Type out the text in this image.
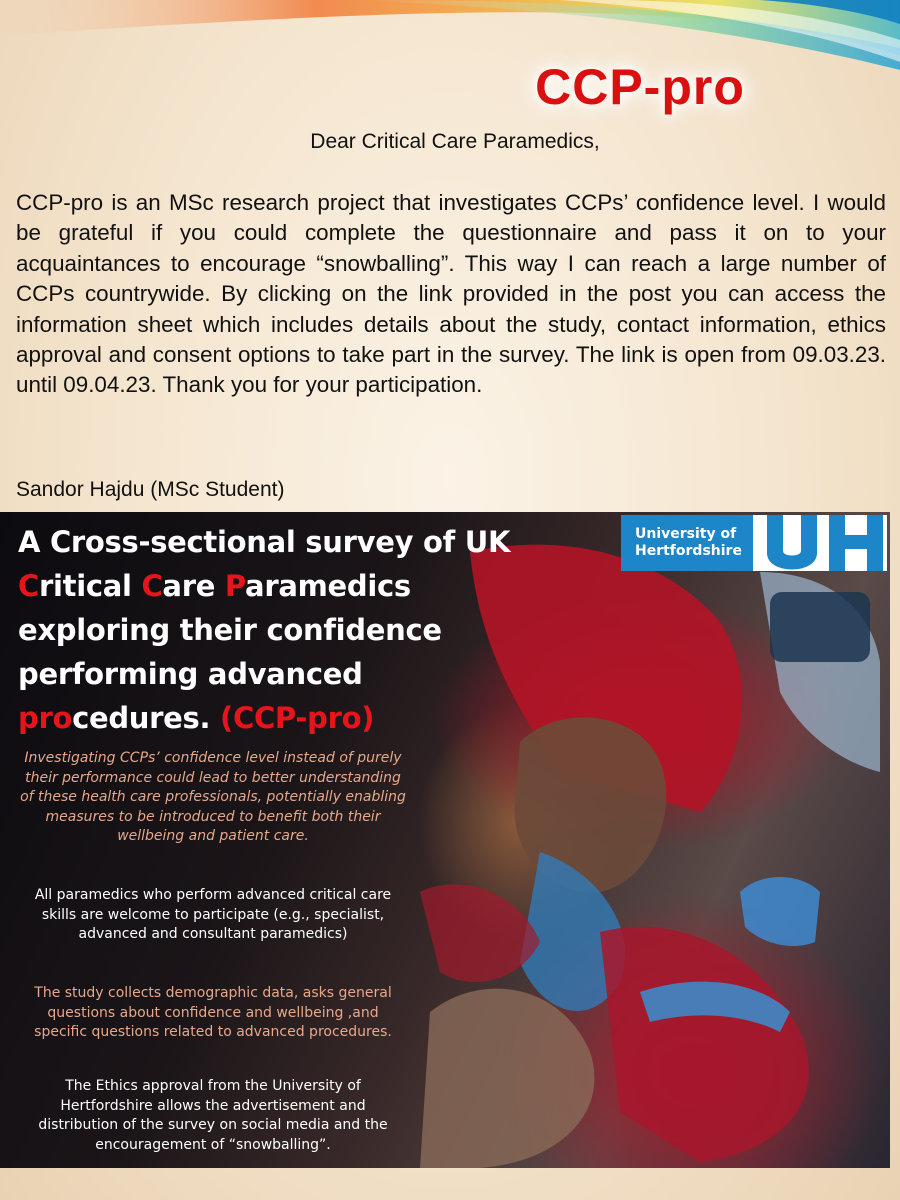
CCP-pro
Dear Critical Care Paramedics,
CCP-pro is an MSc research project that investigates CCPs’ confidence level. I would be grateful if you could complete the questionnaire and pass it on to your acquaintances to encourage “snowballing”. This way I can reach a large number of CCPs countrywide. By clicking on the link provided in the post you can access the information sheet which includes details about the study, contact information, ethics approval and consent options to take part in the survey. The link is open from 09.03.23. until 09.04.23. Thank you for your participation.
Sandor Hajdu (MSc Student)
A Cross-sectional survey of UK
Critical Care Paramedics
exploring their confidence
performing advanced
procedures. (CCP-pro)
Investigating CCPs’ confidence level instead of purely their performance could lead to better understanding of these health care professionals, potentially enabling measures to be introduced to benefit both their wellbeing and patient care.
All paramedics who perform advanced critical care skills are welcome to participate (e.g., specialist, advanced and consultant paramedics)
The study collects demographic data, asks general questions about confidence and wellbeing ,and specific questions related to advanced procedures.
The Ethics approval from the University of Hertfordshire allows the advertisement and distribution of the survey on social media and the encouragement of “snowballing”.
University of
Hertfordshire
